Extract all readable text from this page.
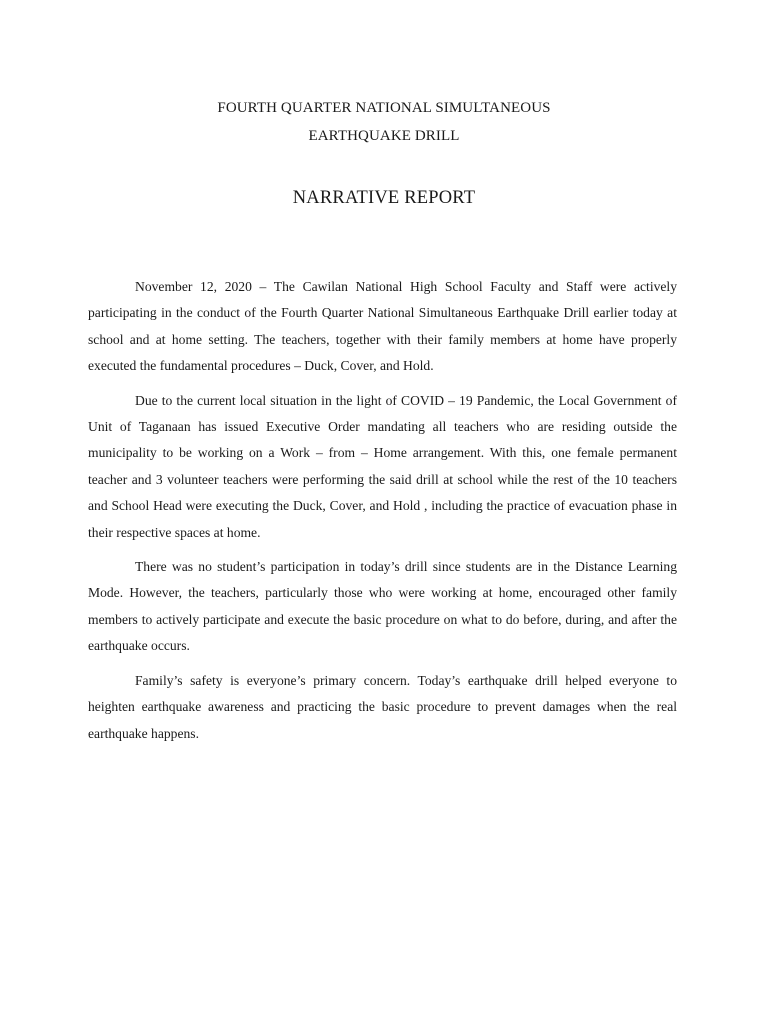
FOURTH QUARTER NATIONAL SIMULTANEOUS
EARTHQUAKE DRILL
NARRATIVE REPORT

November 12, 2020 – The Cawilan National High School Faculty and Staff were actively participating in the conduct of the Fourth Quarter National Simultaneous Earthquake Drill earlier today at school and at home setting. The teachers, together with their family members at home have properly executed the fundamental procedures – Duck, Cover, and Hold.

Due to the current local situation in the light of COVID – 19 Pandemic, the Local Government of Unit of Taganaan has issued Executive Order mandating all teachers who are residing outside the municipality to be working on a Work – from – Home arrangement. With this, one female permanent teacher and 3 volunteer teachers were performing the said drill at school while the rest of the 10 teachers and School Head were executing the Duck, Cover, and Hold , including the practice of evacuation phase in their respective spaces at home.

There was no student’s participation in today’s drill since students are in the Distance Learning Mode. However, the teachers, particularly those who were working at home, encouraged other family members to actively participate and execute the basic procedure on what to do before, during, and after the earthquake occurs.

Family’s safety is everyone’s primary concern. Today’s earthquake drill helped everyone to heighten earthquake awareness and practicing the basic procedure to prevent damages when the real earthquake happens.
